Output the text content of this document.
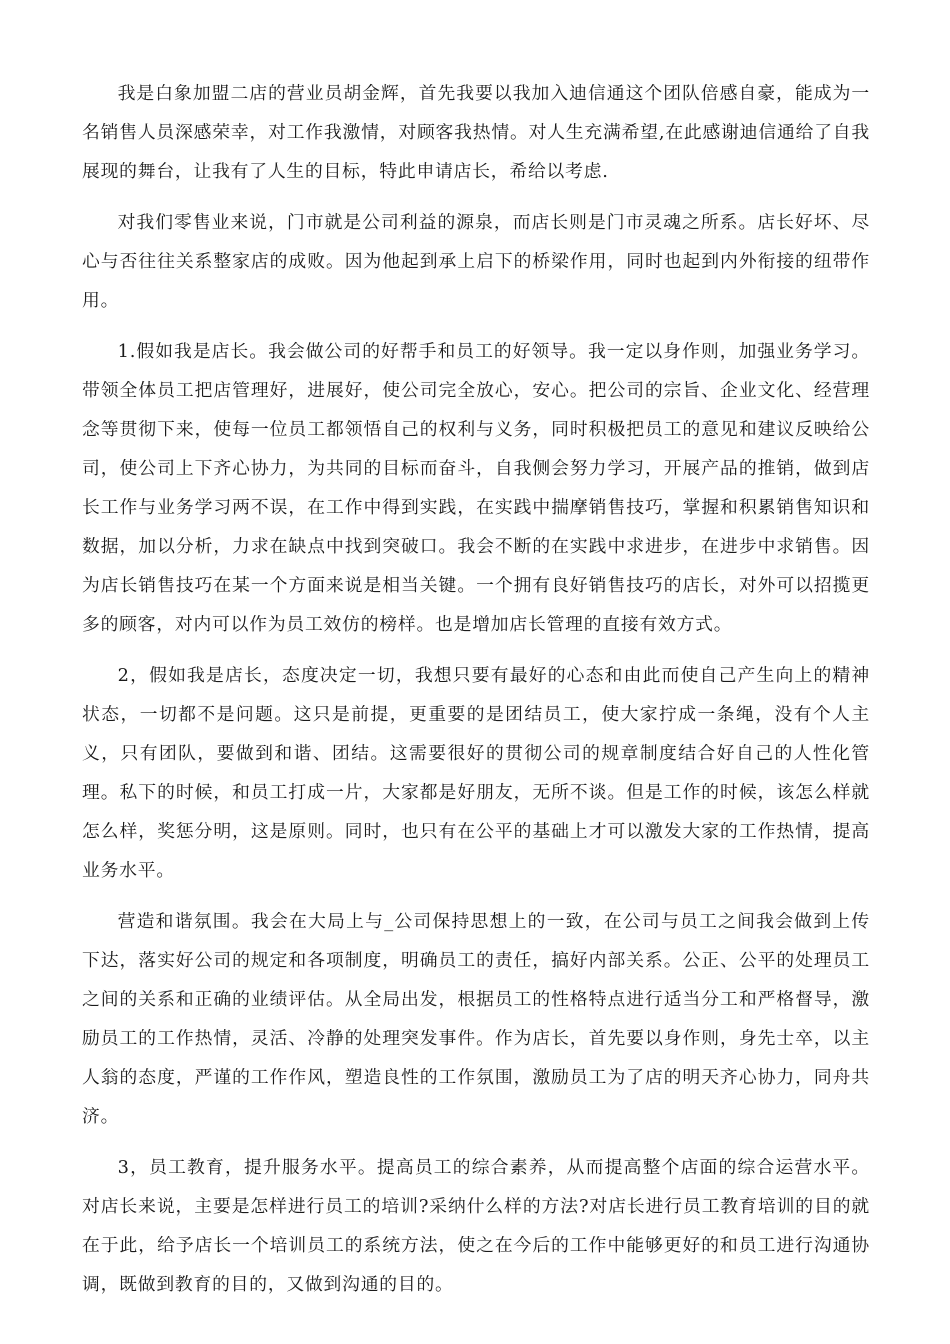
我是白象加盟二店的营业员胡金辉，首先我要以我加入迪信通这个团队倍感自豪，能成为一名销售人员深感荣幸，对工作我激情，对顾客我热情。对人生充满希望,在此感谢迪信通给了自我展现的舞台，让我有了人生的目标，特此申请店长，希给以考虑.

对我们零售业来说，门市就是公司利益的源泉，而店长则是门市灵魂之所系。店长好坏、尽心与否往往关系整家店的成败。因为他起到承上启下的桥梁作用，同时也起到内外衔接的纽带作用。

1.假如我是店长。我会做公司的好帮手和员工的好领导。我一定以身作则，加强业务学习。带领全体员工把店管理好，进展好，使公司完全放心，安心。把公司的宗旨、企业文化、经营理念等贯彻下来，使每一位员工都领悟自己的权利与义务，同时积极把员工的意见和建议反映给公司，使公司上下齐心协力，为共同的目标而奋斗，自我侧会努力学习，开展产品的推销，做到店长工作与业务学习两不误，在工作中得到实践，在实践中揣摩销售技巧，掌握和积累销售知识和数据，加以分析，力求在缺点中找到突破口。我会不断的在实践中求进步，在进步中求销售。因为店长销售技巧在某一个方面来说是相当关键。一个拥有良好销售技巧的店长，对外可以招揽更多的顾客，对内可以作为员工效仿的榜样。也是增加店长管理的直接有效方式。

2，假如我是店长，态度决定一切，我想只要有最好的心态和由此而使自己产生向上的精神状态，一切都不是问题。这只是前提，更重要的是团结员工，使大家拧成一条绳，没有个人主义，只有团队，要做到和谐、团结。这需要很好的贯彻公司的规章制度结合好自己的人性化管理。私下的时候，和员工打成一片，大家都是好朋友，无所不谈。但是工作的时候，该怎么样就怎么样，奖惩分明，这是原则。同时，也只有在公平的基础上才可以激发大家的工作热情，提高业务水平。

营造和谐氛围。我会在大局上与_公司保持思想上的一致，在公司与员工之间我会做到上传下达，落实好公司的规定和各项制度，明确员工的责任，搞好内部关系。公正、公平的处理员工之间的关系和正确的业绩评估。从全局出发，根据员工的性格特点进行适当分工和严格督导，激励员工的工作热情，灵活、冷静的处理突发事件。作为店长，首先要以身作则，身先士卒，以主人翁的态度，严谨的工作作风，塑造良性的工作氛围，激励员工为了店的明天齐心协力，同舟共济。

3，员工教育，提升服务水平。提高员工的综合素养，从而提高整个店面的综合运营水平。对店长来说，主要是怎样进行员工的培训?采纳什么样的方法?对店长进行员工教育培训的目的就在于此，给予店长一个培训员工的系统方法，使之在今后的工作中能够更好的和员工进行沟通协调，既做到教育的目的，又做到沟通的目的。
